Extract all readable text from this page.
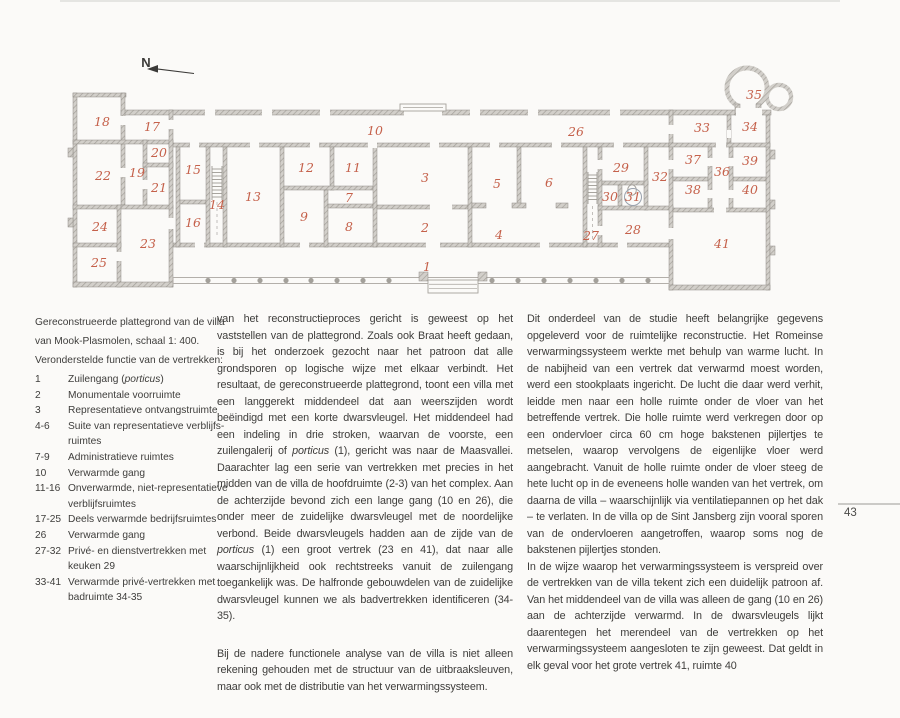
N
1
2
3
4
5	6
7
8
9
10
11
12
13
14
15
16
17
18
19
20
21
22
23
24
25
26
27 28
29
30 31
32
33	34
35
36
37
38
39
40
41
Gereconstrueerde plattegrond van de villa
van Mook-Plasmolen, schaal 1: 400.
Veronderstelde functie van de vertrekken:
1	Zuilengang (porticus)
2	Monumentale voorruimte
3	Representatieve ontvangstruimte
4-6	Suite van representatieve verblijfs-
ruimtes
7-9	Administratieve ruimtes
10	Verwarmde gang
11-16 Onverwarmde, niet-representatieve
verblijfsruimtes
17-25 Deels verwarmde bedrijfsruimtes
26	Verwarmde gang
27-32 Privé- en dienstvertrekken met
keuken 29
33-41 Verwarmde privé-vertrekken met
badruimte 34-35

van het reconstructieproces gericht is geweest op het vaststellen van de plattegrond. Zoals ook Braat heeft gedaan, is bij het onderzoek gezocht naar het patroon dat alle grondsporen op logische wijze met elkaar verbindt. Het resultaat, de gereconstrueerde plattegrond, toont een villa met een langgerekt middendeel dat aan weerszijden wordt beëindigd met een korte dwarsvleugel. Het middendeel had een indeling in drie stroken, waarvan de voorste, een zuilengalerij of porticus (1), gericht was naar de Maasvallei. Daarachter lag een serie van vertrekken met precies in het midden van de villa de hoofdruimte (2-3) van het complex. Aan de achterzijde bevond zich een lange gang (10 en 26), die onder meer de zuidelijke dwarsvleugel met de noordelijke verbond. Beide dwarsvleugels hadden aan de zijde van de porticus (1) een groot vertrek (23 en 41), dat naar alle waarschijnlijkheid ook rechtstreeks vanuit de zuilengang toegankelijk was. De halfronde gebouwdelen van de zuidelijke dwarsvleugel kunnen we als badvertrekken identificeren (34-35).

Bij de nadere functionele analyse van de villa is niet alleen rekening gehouden met de structuur van de uitbraaksleuven, maar ook met de distributie van het verwarmingssysteem.

Dit onderdeel van de studie heeft belangrijke gegevens opgeleverd voor de ruimtelijke reconstructie. Het Romeinse verwarmingssysteem werkte met behulp van warme lucht. In de nabijheid van een vertrek dat verwarmd moest worden, werd een stookplaats ingericht. De lucht die daar werd verhit, leidde men naar een holle ruimte onder de vloer van het betreffende vertrek. Die holle ruimte werd verkregen door op een ondervloer circa 60 cm hoge bakstenen pijlertjes te metselen, waarop vervolgens de eigenlijke vloer werd aangebracht. Vanuit de holle ruimte onder de vloer steeg de hete lucht op in de eveneens holle wanden van het vertrek, om daarna de villa – waarschijnlijk via ventilatiepannen op het dak – te verlaten. In de villa op de Sint Jansberg zijn vooral sporen van de ondervloeren aangetroffen, waarop soms nog de bakstenen pijlertjes stonden.

In de wijze waarop het verwarmingssysteem is verspreid over de vertrekken van de villa tekent zich een duidelijk patroon af. Van het middendeel van de villa was alleen de gang (10 en 26) aan de achterzijde verwarmd. In de dwarsvleugels lijkt daarentegen het merendeel van de vertrekken op het verwarmingssysteem aangesloten te zijn geweest. Dat geldt in elk geval voor het grote vertrek 41, ruimte 40

43
